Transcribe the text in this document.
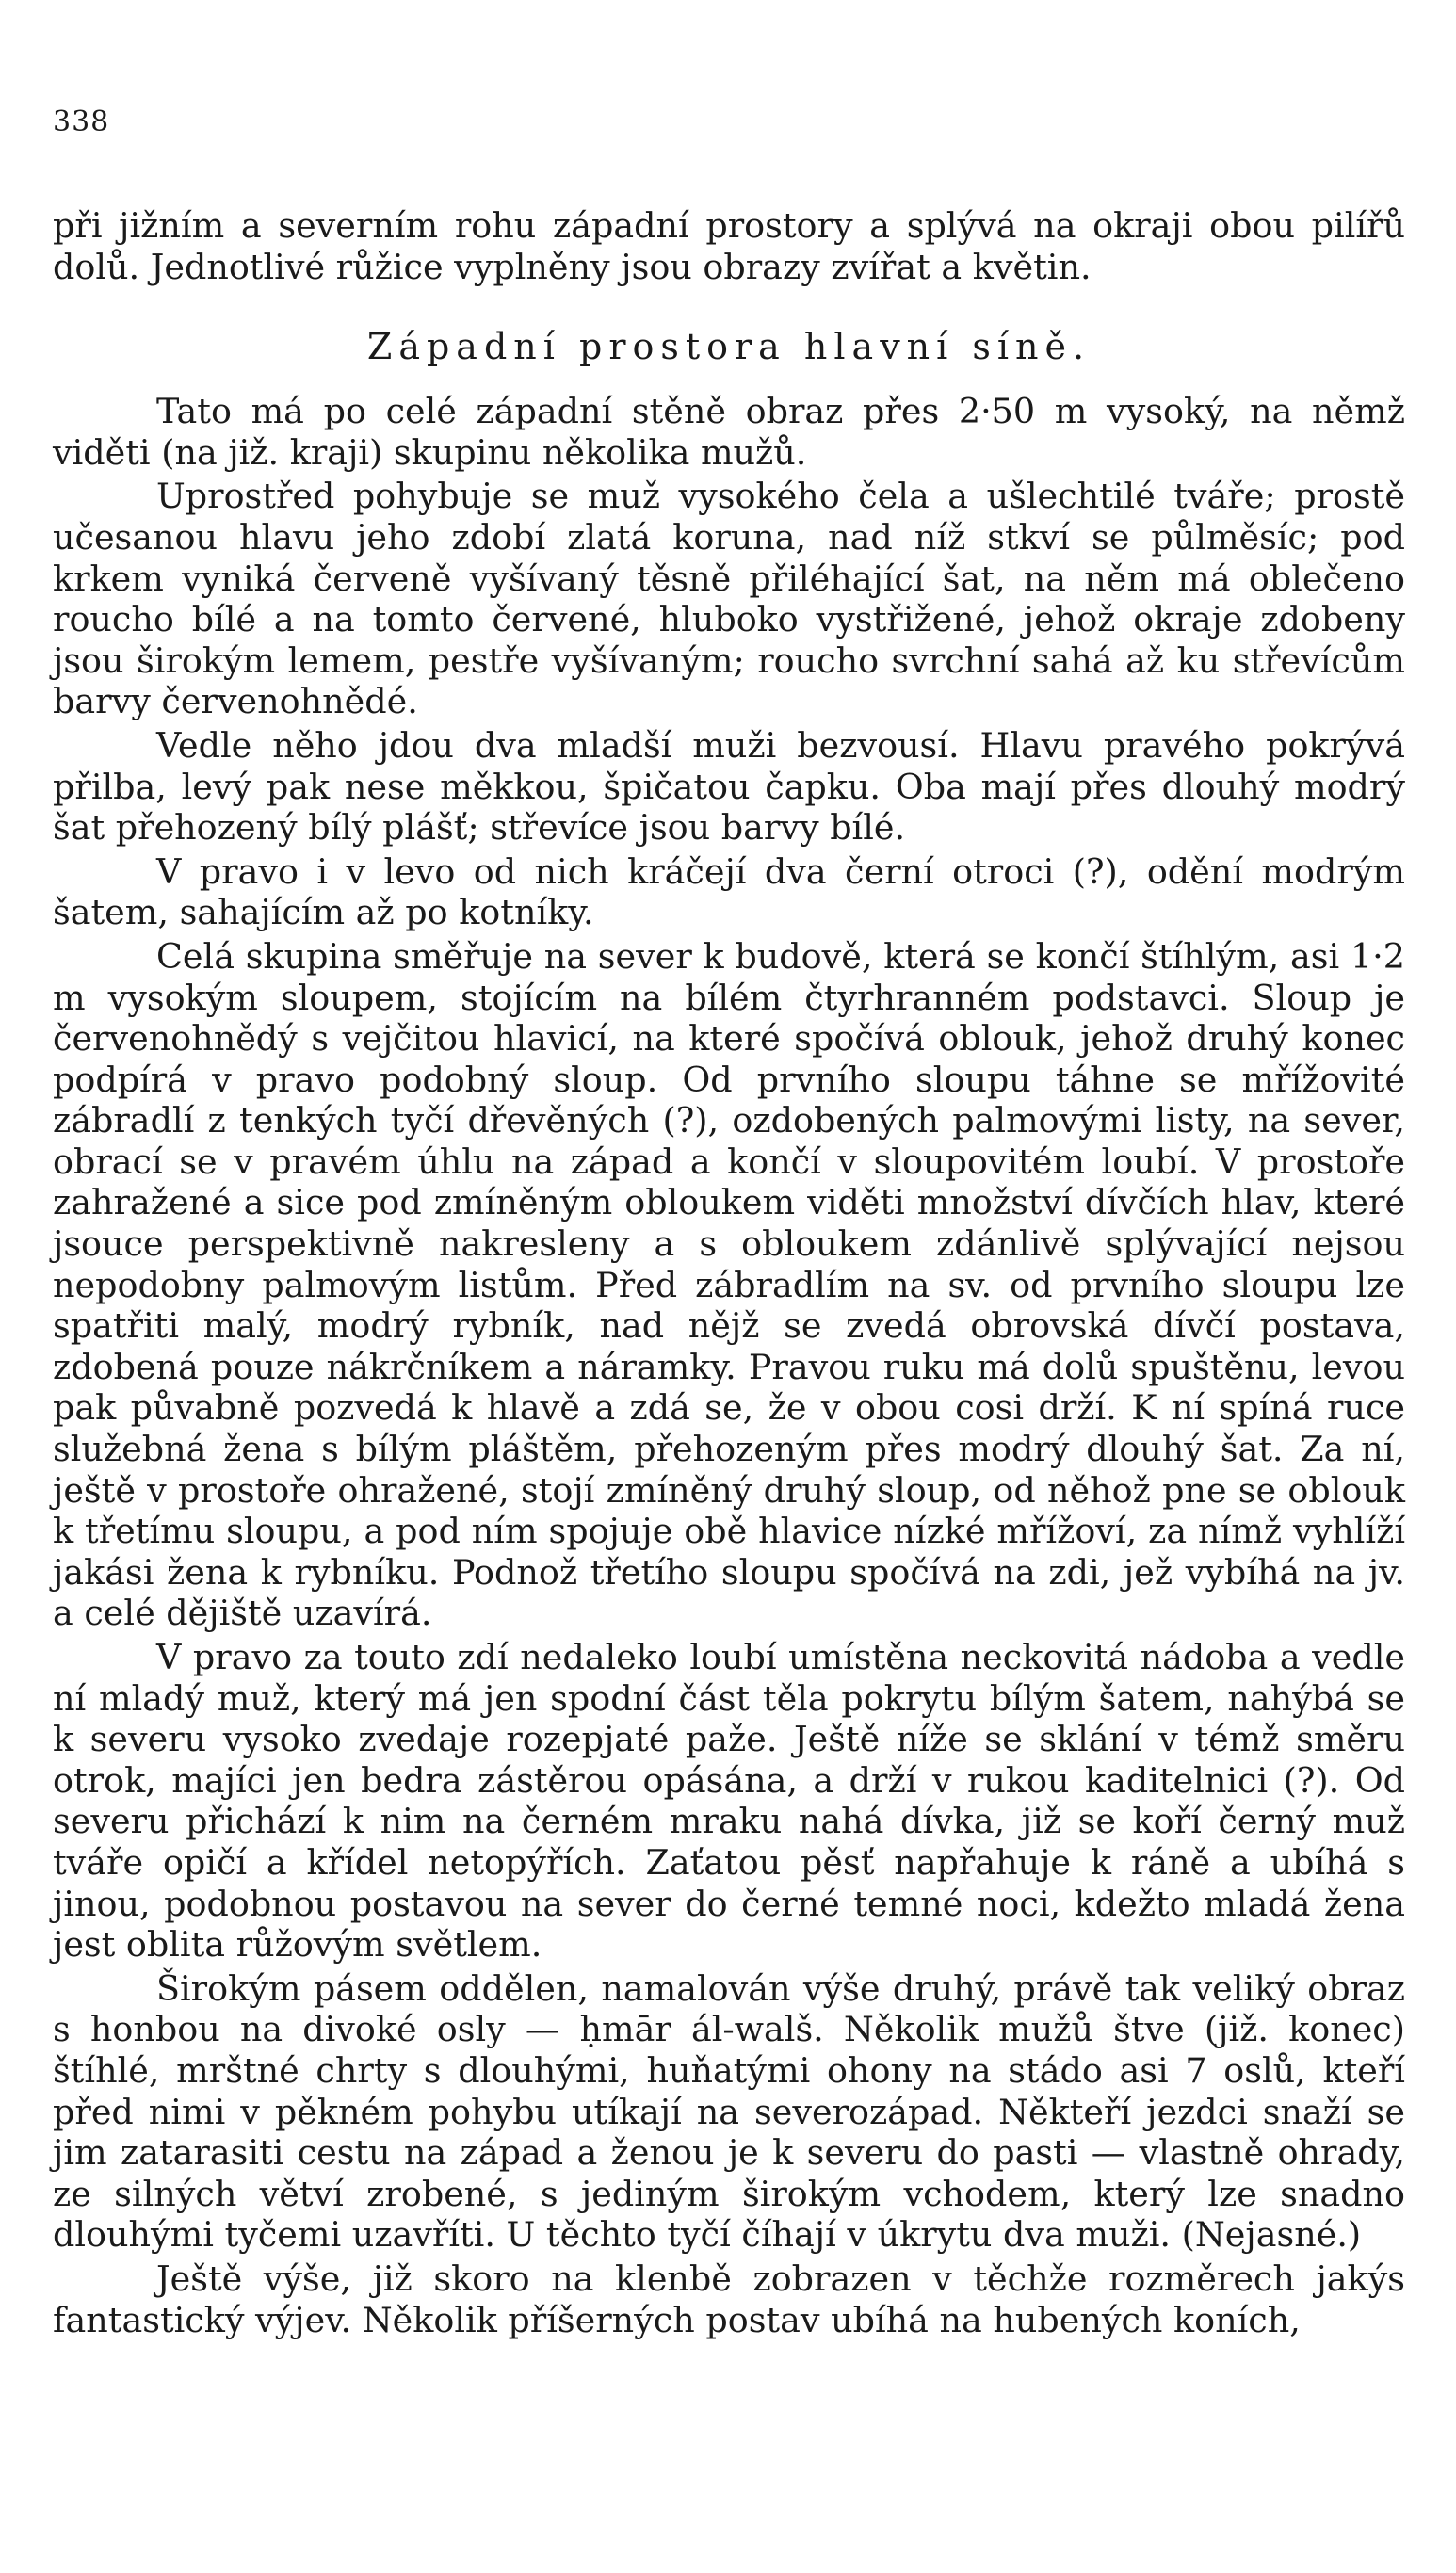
338

při jižním a severním rohu západní prostory a splývá na okraji obou pilířů dolů. Jednotlivé růžice vyplněny jsou obrazy zvířat a květin.

Západní prostora hlavní síně.

Tato má po celé západní stěně obraz přes 2·50 m vysoký, na němž viděti (na již. kraji) skupinu několika mužů.

Uprostřed pohybuje se muž vysokého čela a ušlechtilé tváře; prostě učesanou hlavu jeho zdobí zlatá koruna, nad níž stkví se půlměsíc; pod krkem vyniká červeně vyšívaný těsně přiléhající šat, na něm má oblečeno roucho bílé a na tomto červené, hluboko vystřižené, jehož okraje zdobeny jsou širokým lemem, pestře vyšívaným; roucho svrchní sahá až ku střevícům barvy červenohnědé.

Vedle něho jdou dva mladší muži bezvousí. Hlavu pravého pokrývá přilba, levý pak nese měkkou, špičatou čapku. Oba mají přes dlouhý modrý šat přehozený bílý plášť; střevíce jsou barvy bílé.

V pravo i v levo od nich kráčejí dva černí otroci (?), odění modrým šatem, sahajícím až po kotníky.

Celá skupina směřuje na sever k budově, která se končí štíhlým, asi 1·2 m vysokým sloupem, stojícím na bílém čtyrhranném podstavci. Sloup je červenohnědý s vejčitou hlavicí, na které spočívá oblouk, jehož druhý konec podpírá v pravo podobný sloup. Od prvního sloupu táhne se mřížovité zábradlí z tenkých tyčí dřevěných (?), ozdobených palmovými listy, na sever, obrací se v pravém úhlu na západ a končí v sloupovitém loubí. V prostoře zahražené a sice pod zmíněným obloukem viděti množství dívčích hlav, které jsouce perspektivně nakresleny a s obloukem zdánlivě splývající nejsou nepodobny palmovým listům. Před zábradlím na sv. od prvního sloupu lze spatřiti malý, modrý rybník, nad nějž se zvedá obrovská dívčí postava, zdobená pouze nákrčníkem a náramky. Pravou ruku má dolů spuštěnu, levou pak půvabně pozvedá k hlavě a zdá se, že v obou cosi drží. K ní spíná ruce služebná žena s bílým pláštěm, přehozeným přes modrý dlouhý šat. Za ní, ještě v prostoře ohražené, stojí zmíněný druhý sloup, od něhož pne se oblouk k třetímu sloupu, a pod ním spojuje obě hlavice nízké mřížoví, za nímž vyhlíží jakási žena k rybníku. Podnož třetího sloupu spočívá na zdi, jež vybíhá na jv. a celé dějiště uzavírá.

V pravo za touto zdí nedaleko loubí umístěna neckovitá nádoba a vedle ní mladý muž, který má jen spodní část těla pokrytu bílým šatem, nahýbá se k severu vysoko zvedaje rozepjaté paže. Ještě níže se sklání v témž směru otrok, majíci jen bedra zástěrou opásána, a drží v rukou kaditelnici (?). Od severu přichází k nim na černém mraku nahá dívka, již se koří černý muž tváře opičí a křídel netopýřích. Zaťatou pěsť napřahuje k ráně a ubíhá s jinou, podobnou postavou na sever do černé temné noci, kdežto mladá žena jest oblita růžovým světlem.

Širokým pásem oddělen, namalován výše druhý, právě tak veliký obraz s honbou na divoké osly — ḥmār ál-walš. Několik mužů štve (již. konec) štíhlé, mrštné chrty s dlouhými, huňatými ohony na stádo asi 7 oslů, kteří před nimi v pěkném pohybu utíkají na severozápad. Někteří jezdci snaží se jim zatarasiti cestu na západ a ženou je k severu do pasti — vlastně ohrady, ze silných větví zrobené, s jediným širokým vchodem, který lze snadno dlouhými tyčemi uzavříti. U těchto tyčí číhají v úkrytu dva muži. (Nejasné.)

Ještě výše, již skoro na klenbě zobrazen v těchže rozměrech jakýs fantastický výjev. Několik příšerných postav ubíhá na hubených koních,
